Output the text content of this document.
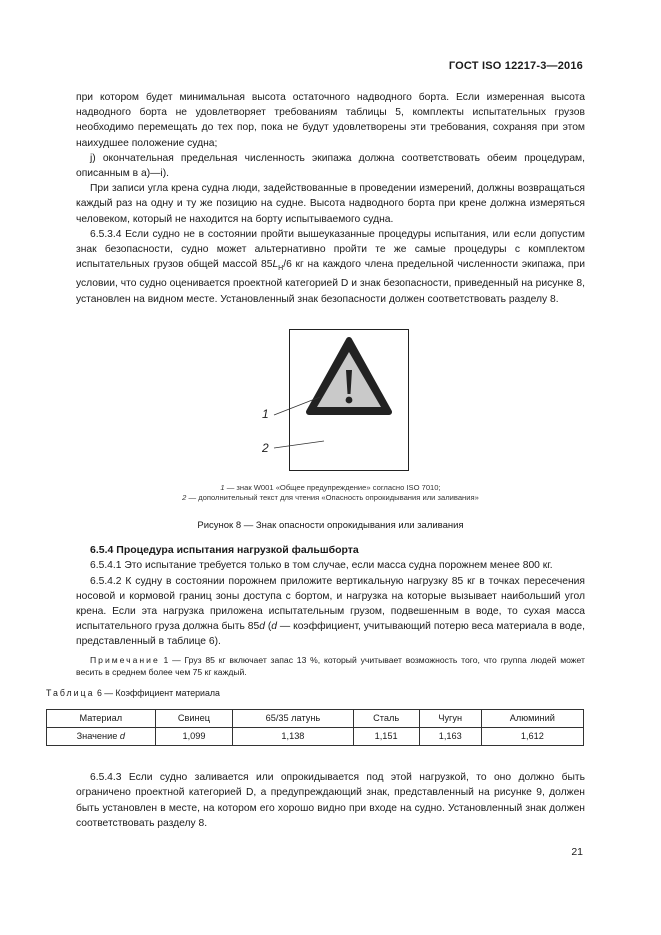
ГОСТ ISO 12217-3—2016

при котором будет минимальная высота остаточного надводного борта. Если измеренная высота надводного борта не удовлетворяет требованиям таблицы 5, комплекты испытательных грузов необходимо перемещать до тех пор, пока не будут удовлетворены эти требования, сохраняя при этом наихудшее положение судна;

j) окончательная предельная численность экипажа должна соответствовать обеим процедурам, описанным в а)—i).

При записи угла крена судна люди, задействованные в проведении измерений, должны возвращаться каждый раз на одну и ту же позицию на судне. Высота надводного борта при крене должна измеряться человеком, который не находится на борту испытываемого судна.

6.5.3.4 Если судно не в состоянии пройти вышеуказанные процедуры испытания, или если допустим знак безопасности, судно может альтернативно пройти те же самые процедуры с комплектом испытательных грузов общей массой $85L_H/6$ кг на каждого члена предельной численности экипажа, при условии, что судно оценивается проектной категорией D и знак безопасности, приведенный на рисунке 8, установлен на видном месте. Установленный знак безопасности должен соответствовать разделу 8.

1
2
1 — знак W001 «Общее предупреждение» согласно ISO 7010;
2 — дополнительный текст для чтения «Опасность опрокидывания или заливания»
Рисунок 8 — Знак опасности опрокидывания или заливания

6.5.4 Процедура испытания нагрузкой фальшборта

6.5.4.1 Это испытание требуется только в том случае, если масса судна порожнем менее 800 кг.

6.5.4.2 К судну в состоянии порожнем приложите вертикальную нагрузку 85 кг в точках пересечения носовой и кормовой границ зоны доступа с бортом, и нагрузка на которые вызывает наибольший угол крена. Если эта нагрузка приложена испытательным грузом, подвешенным в воде, то сухая масса испытательного груза должна быть 85d (d — коэффициент, учитывающий потерю веса материала в воде, представленный в таблице 6).

Примечание 1 — Груз 85 кг включает запас 13 %, который учитывает возможность того, что группа людей может весить в среднем более чем 75 кг каждый.

Таблица 6 — Коэффициент материала

Материал	Свинец	65/35 латунь	Сталь	Чугун	Алюминий
Значение d	1,099	1,138	1,151	1,163	1,612

6.5.4.3 Если судно заливается или опрокидывается под этой нагрузкой, то оно должно быть ограничено проектной категорией D, а предупреждающий знак, представленный на рисунке 9, должен быть установлен в месте, на котором его хорошо видно при входе на судно. Установленный знак должен соответствовать разделу 8.

21
